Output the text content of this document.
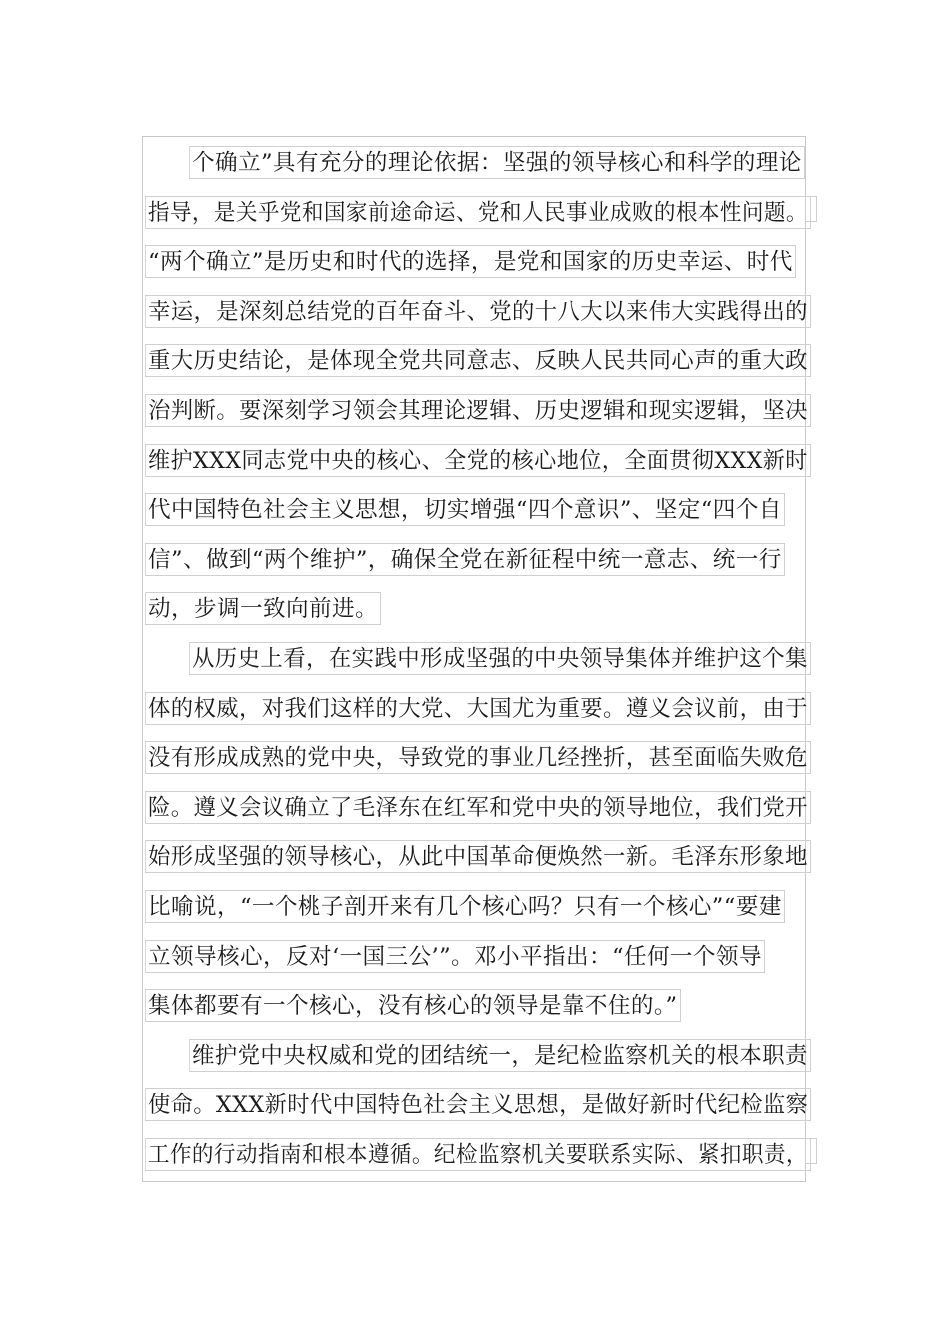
个确立”具有充分的理论依据：坚强的领导核心和科学的理论
指导，是关乎党和国家前途命运、党和人民事业成败的根本性问题。
“两个确立”是历史和时代的选择，是党和国家的历史幸运、时代
幸运，是深刻总结党的百年奋斗、党的十八大以来伟大实践得出的
重大历史结论，是体现全党共同意志、反映人民共同心声的重大政
治判断。要深刻学习领会其理论逻辑、历史逻辑和现实逻辑，坚决
维护XXX同志党中央的核心、全党的核心地位，全面贯彻XXX新时
代中国特色社会主义思想，切实增强“四个意识”、坚定“四个自
信”、做到“两个维护”，确保全党在新征程中统一意志、统一行
动，步调一致向前进。
从历史上看，在实践中形成坚强的中央领导集体并维护这个集
体的权威，对我们这样的大党、大国尤为重要。遵义会议前，由于
没有形成成熟的党中央，导致党的事业几经挫折，甚至面临失败危
险。遵义会议确立了毛泽东在红军和党中央的领导地位，我们党开
始形成坚强的领导核心，从此中国革命便焕然一新。毛泽东形象地
比喻说，“一个桃子剖开来有几个核心吗？只有一个核心”“要建
立领导核心，反对‘一国三公’”。邓小平指出：“任何一个领导
集体都要有一个核心，没有核心的领导是靠不住的。”
维护党中央权威和党的团结统一，是纪检监察机关的根本职责
使命。XXX新时代中国特色社会主义思想，是做好新时代纪检监察
工作的行动指南和根本遵循。纪检监察机关要联系实际、紧扣职责，
